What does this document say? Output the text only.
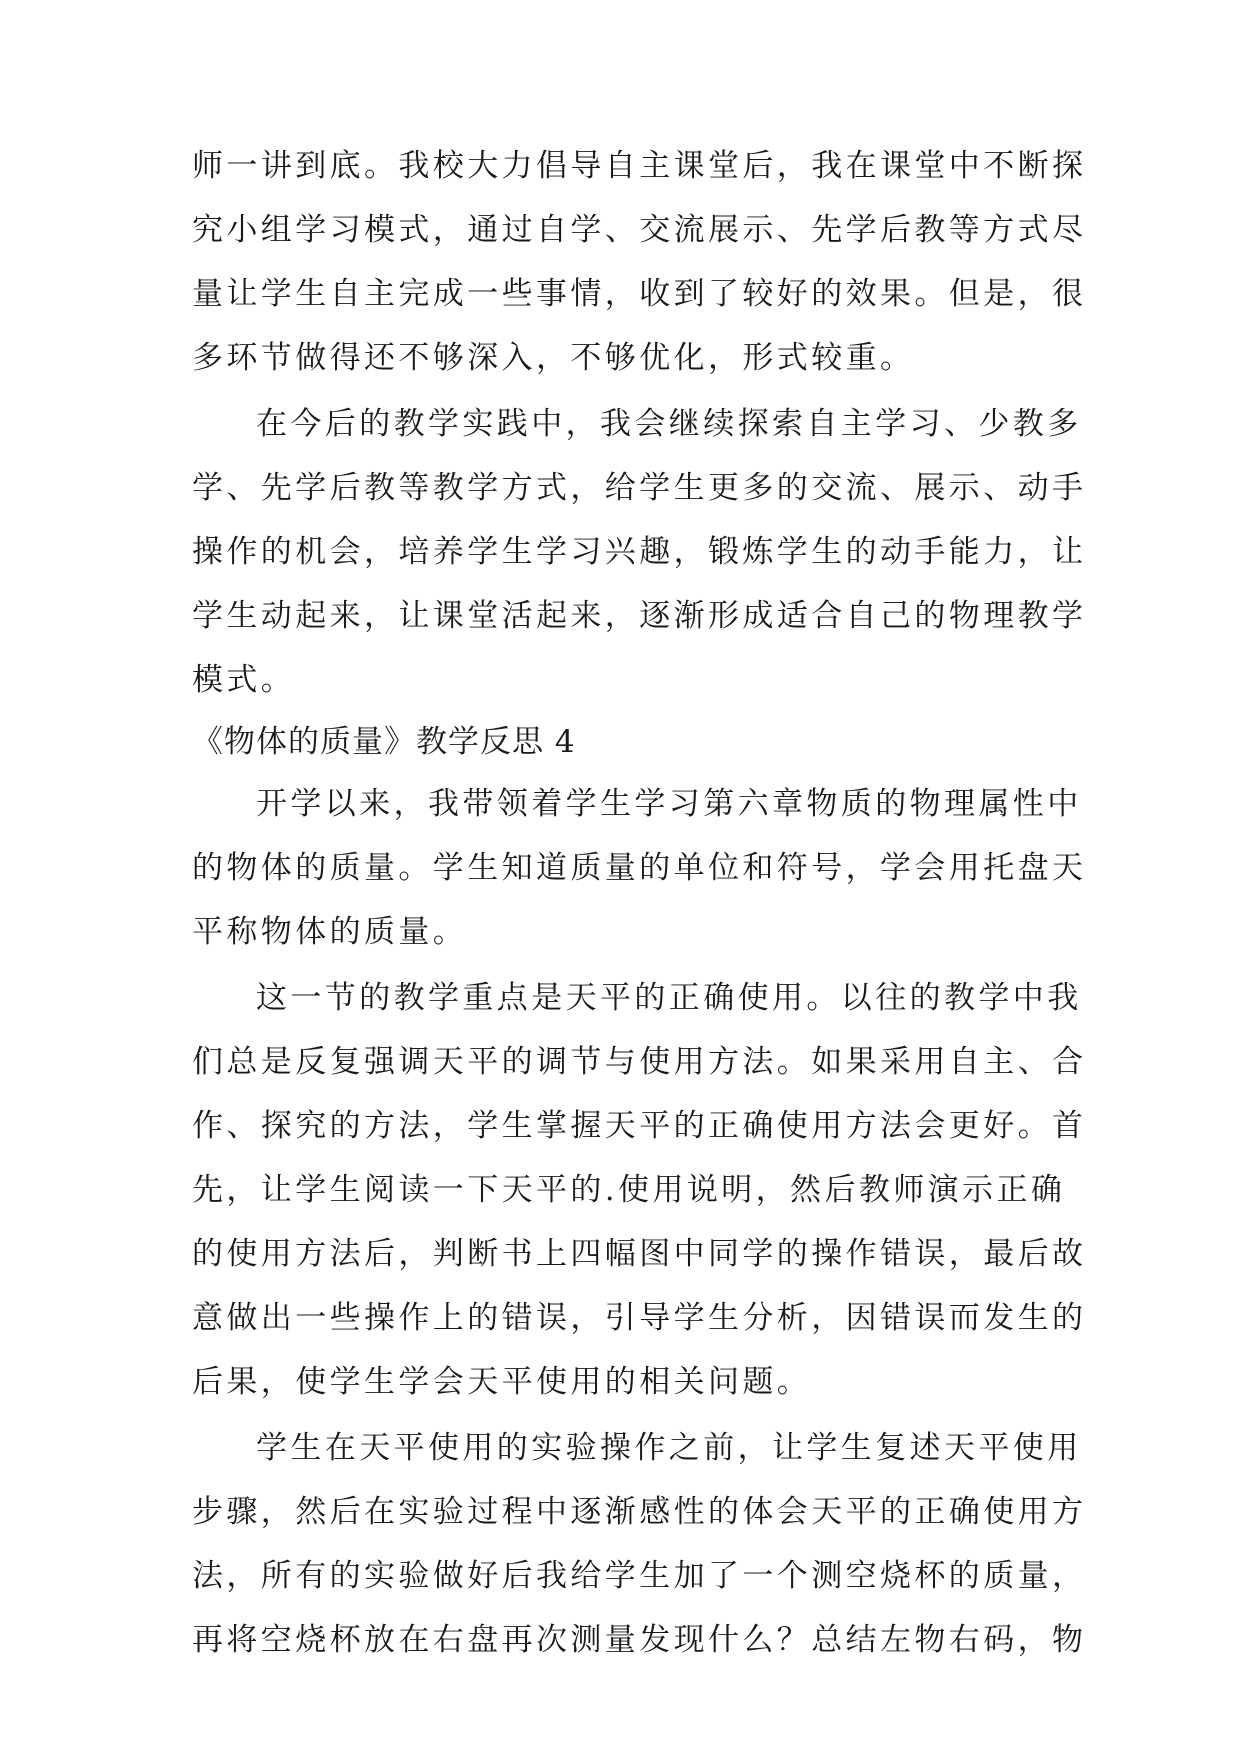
师一讲到底。我校大力倡导自主课堂后，我在课堂中不断探
究小组学习模式，通过自学、交流展示、先学后教等方式尽
量让学生自主完成一些事情，收到了较好的效果。但是，很
多环节做得还不够深入，不够优化，形式较重。
在今后的教学实践中，我会继续探索自主学习、少教多
学、先学后教等教学方式，给学生更多的交流、展示、动手
操作的机会，培养学生学习兴趣，锻炼学生的动手能力，让
学生动起来，让课堂活起来，逐渐形成适合自己的物理教学
模式。
《物体的质量》教学反思 4
开学以来，我带领着学生学习第六章物质的物理属性中
的物体的质量。学生知道质量的单位和符号，学会用托盘天
平称物体的质量。
这一节的教学重点是天平的正确使用。以往的教学中我
们总是反复强调天平的调节与使用方法。如果采用自主、合
作、探究的方法，学生掌握天平的正确使用方法会更好。首
先，让学生阅读一下天平的.使用说明，然后教师演示正确
的使用方法后，判断书上四幅图中同学的操作错误，最后故
意做出一些操作上的错误，引导学生分析，因错误而发生的
后果，使学生学会天平使用的相关问题。
学生在天平使用的实验操作之前，让学生复述天平使用
步骤，然后在实验过程中逐渐感性的体会天平的正确使用方
法，所有的实验做好后我给学生加了一个测空烧杯的质量，
再将空烧杯放在右盘再次测量发现什么？总结左物右码，物
